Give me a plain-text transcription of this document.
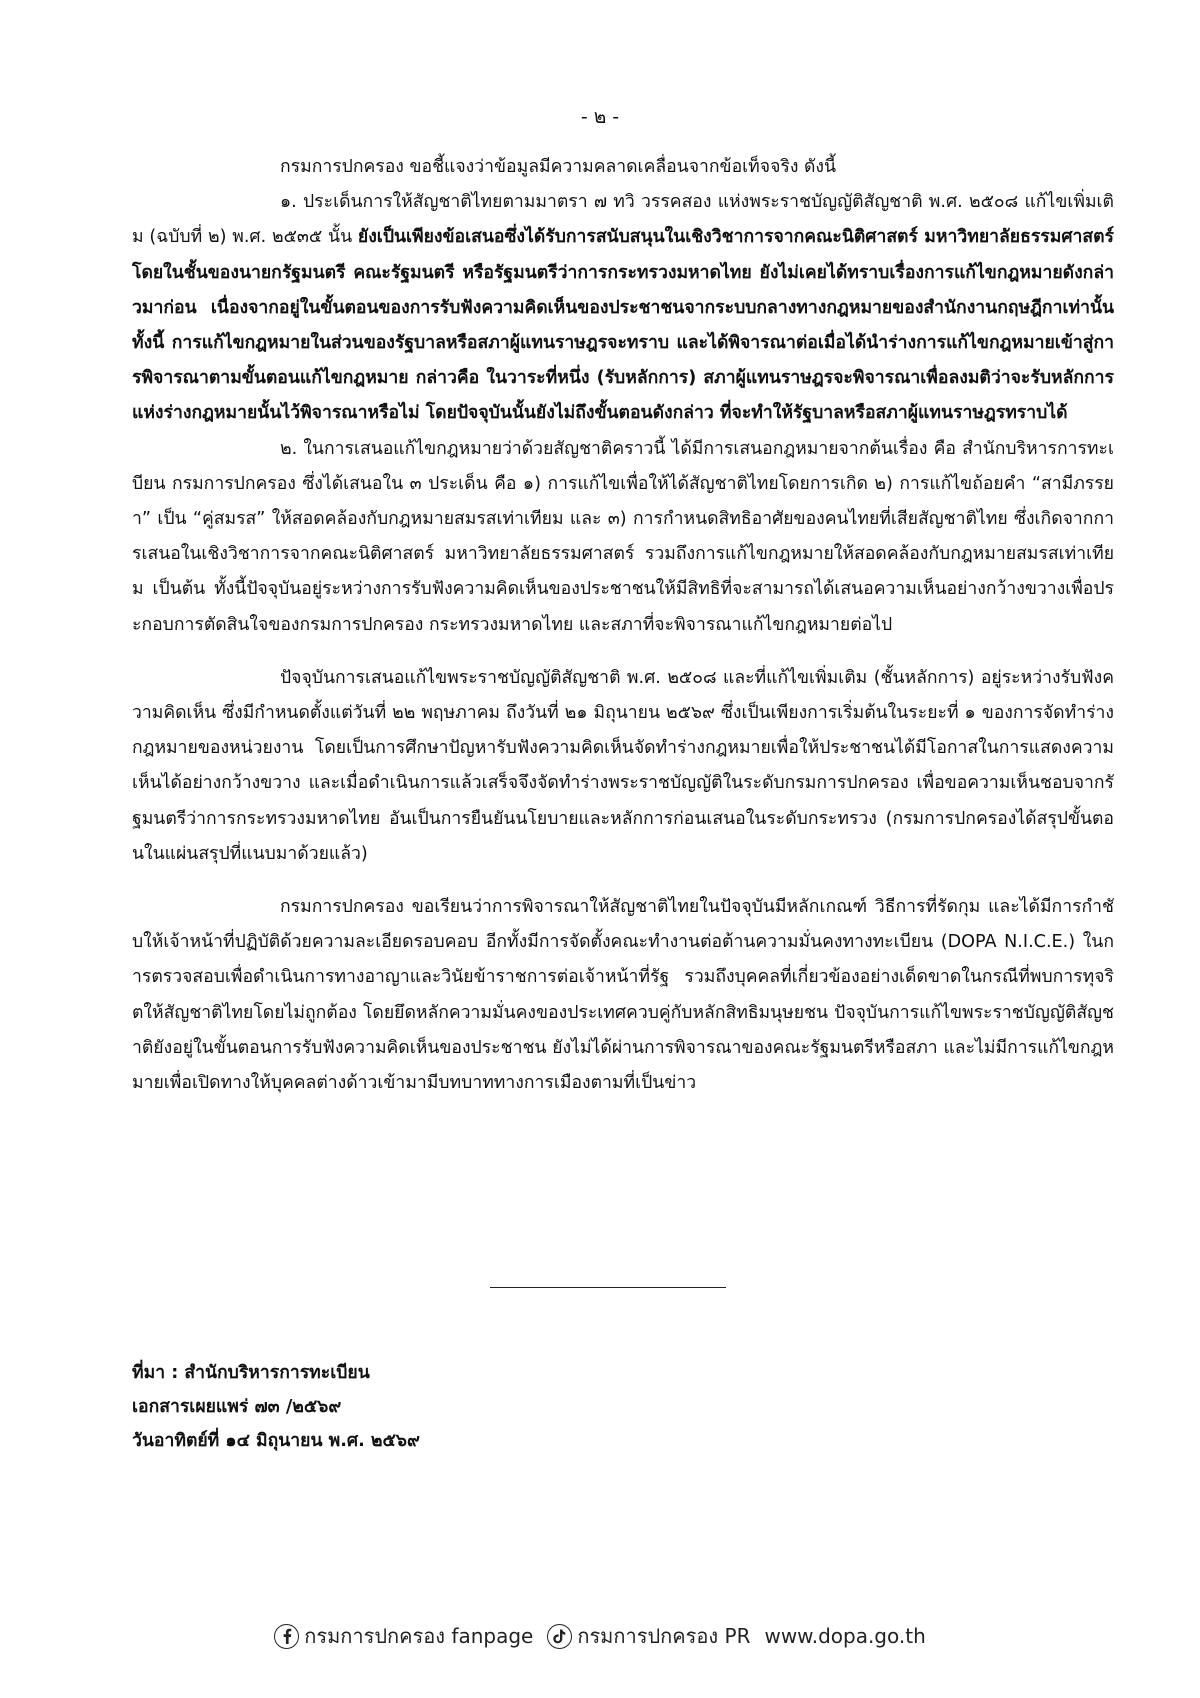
- ๒ -

กรมการปกครอง ขอชี้แจงว่าข้อมูลมีความคลาดเคลื่อนจากข้อเท็จจริง ดังนี้

๑. ประเด็นการให้สัญชาติไทยตามมาตรา ๗ ทวิ วรรคสอง แห่งพระราชบัญญัติสัญชาติ พ.ศ. ๒๕๐๘ แก้ไขเพิ่มเติม (ฉบับที่ ๒) พ.ศ. ๒๕๓๕ นั้น ยังเป็นเพียงข้อเสนอซึ่งได้รับการสนับสนุนในเชิงวิชาการจากคณะนิติศาสตร์ มหาวิทยาลัยธรรมศาสตร์ โดยในชั้นของนายกรัฐมนตรี คณะรัฐมนตรี หรือรัฐมนตรีว่าการกระทรวงมหาดไทย ยังไม่เคยได้ทราบเรื่องการแก้ไขกฎหมายดังกล่าวมาก่อน เนื่องจากอยู่ในขั้นตอนของการรับฟังความคิดเห็นของประชาชนจากระบบกลางทางกฎหมายของสำนักงานกฤษฎีกาเท่านั้น ทั้งนี้ การแก้ไขกฎหมายในส่วนของรัฐบาลหรือสภาผู้แทนราษฎรจะทราบ และได้พิจารณาต่อเมื่อได้นำร่างการแก้ไขกฎหมายเข้าสู่การพิจารณาตามขั้นตอนแก้ไขกฎหมาย กล่าวคือ ในวาระที่หนึ่ง (รับหลักการ) สภาผู้แทนราษฎรจะพิจารณาเพื่อลงมติว่าจะรับหลักการแห่งร่างกฎหมายนั้นไว้พิจารณาหรือไม่ โดยปัจจุบันนั้นยังไม่ถึงขั้นตอนดังกล่าว ที่จะทำให้รัฐบาลหรือสภาผู้แทนราษฎรทราบได้

๒. ในการเสนอแก้ไขกฎหมายว่าด้วยสัญชาติคราวนี้ ได้มีการเสนอกฎหมายจากต้นเรื่อง คือ สำนักบริหารการทะเบียน กรมการปกครอง ซึ่งได้เสนอใน ๓ ประเด็น คือ ๑) การแก้ไขเพื่อให้ได้สัญชาติไทยโดยการเกิด ๒) การแก้ไขถ้อยคำ “สามีภรรยา” เป็น “คู่สมรส” ให้สอดคล้องกับกฎหมายสมรสเท่าเทียม และ ๓) การกำหนดสิทธิอาศัยของคนไทยที่เสียสัญชาติไทย ซึ่งเกิดจากการเสนอในเชิงวิชาการจากคณะนิติศาสตร์ มหาวิทยาลัยธรรมศาสตร์ รวมถึงการแก้ไขกฎหมายให้สอดคล้องกับกฎหมายสมรสเท่าเทียม เป็นต้น ทั้งนี้ปัจจุบันอยู่ระหว่างการรับฟังความคิดเห็นของประชาชนให้มีสิทธิที่จะสามารถได้เสนอความเห็นอย่างกว้างขวางเพื่อประกอบการตัดสินใจของกรมการปกครอง กระทรวงมหาดไทย และสภาที่จะพิจารณาแก้ไขกฎหมายต่อไป

ปัจจุบันการเสนอแก้ไขพระราชบัญญัติสัญชาติ พ.ศ. ๒๕๐๘ และที่แก้ไขเพิ่มเติม (ชั้นหลักการ) อยู่ระหว่างรับฟังความคิดเห็น ซึ่งมีกำหนดตั้งแต่วันที่ ๒๒ พฤษภาคม ถึงวันที่ ๒๑ มิถุนายน ๒๕๖๙ ซึ่งเป็นเพียงการเริ่มต้นในระยะที่ ๑ ของการจัดทำร่างกฎหมายของหน่วยงาน โดยเป็นการศึกษาปัญหารับฟังความคิดเห็นจัดทำร่างกฎหมายเพื่อให้ประชาชนได้มีโอกาสในการแสดงความเห็นได้อย่างกว้างขวาง และเมื่อดำเนินการแล้วเสร็จจึงจัดทำร่างพระราชบัญญัติในระดับกรมการปกครอง เพื่อขอความเห็นชอบจากรัฐมนตรีว่าการกระทรวงมหาดไทย อันเป็นการยืนยันนโยบายและหลักการก่อนเสนอในระดับกระทรวง (กรมการปกครองได้สรุปขั้นตอนในแผ่นสรุปที่แนบมาด้วยแล้ว)

กรมการปกครอง ขอเรียนว่าการพิจารณาให้สัญชาติไทยในปัจจุบันมีหลักเกณฑ์ วิธีการที่รัดกุม และได้มีการกำชับให้เจ้าหน้าที่ปฏิบัติด้วยความละเอียดรอบคอบ อีกทั้งมีการจัดตั้งคณะทำงานต่อต้านความมั่นคงทางทะเบียน (DOPA N.I.C.E.) ในการตรวจสอบเพื่อดำเนินการทางอาญาและวินัยข้าราชการต่อเจ้าหน้าที่รัฐ รวมถึงบุคคลที่เกี่ยวข้องอย่างเด็ดขาดในกรณีที่พบการทุจริตให้สัญชาติไทยโดยไม่ถูกต้อง โดยยึดหลักความมั่นคงของประเทศควบคู่กับหลักสิทธิมนุษยชน ปัจจุบันการแก้ไขพระราชบัญญัติสัญชาติยังอยู่ในขั้นตอนการรับฟังความคิดเห็นของประชาชน ยังไม่ได้ผ่านการพิจารณาของคณะรัฐมนตรีหรือสภา และไม่มีการแก้ไขกฎหมายเพื่อเปิดทางให้บุคคลต่างด้าวเข้ามามีบทบาททางการเมืองตามที่เป็นข่าว

ที่มา : สำนักบริหารการทะเบียน
เอกสารเผยแพร่ ๗๓ /๒๕๖๙
วันอาทิตย์ที่ ๑๔ มิถุนายน พ.ศ. ๒๕๖๙
กรมการปกครอง fanpage กรมการปกครอง PR www.dopa.go.th
